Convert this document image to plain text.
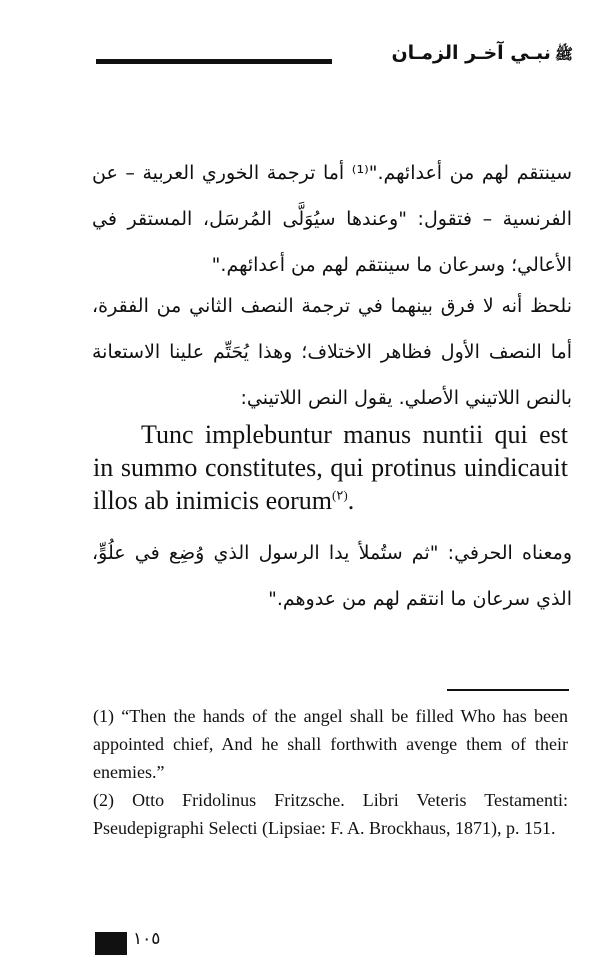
ﷺنبـي آخـر الزمـان
سينتقم لهم من أعدائهم."⁽¹⁾ أما ترجمة الخوري العربية – عن الفرنسية – فتقول: "وعندها سيُوَلَّى المُرسَل، المستقر في الأعالي؛ وسرعان ما سينتقم لهم من أعدائهم."
نلحظ أنه لا فرق بينهما في ترجمة النصف الثاني من الفقرة، أما النصف الأول فظاهر الاختلاف؛ وهذا يُحَتِّم علينا الاستعانة بالنص اللاتيني الأصلي. يقول النص اللاتيني:
Tunc implebuntur manus nuntii qui est in summo constitutes, qui protinus uindicauit illos ab inimicis eorum$^{(٢)}$.
ومعناه الحرفي: "ثم ستُملأ يدا الرسول الذي وُضِع في علُوٍّ، الذي سرعان ما انتقم لهم من عدوهم."

(1) “Then the hands of the angel shall be filled Who has been appointed chief, And he shall forthwith avenge them of their enemies.”

(2) Otto Fridolinus Fritzsche. Libri Veteris Testamenti: Pseudepigraphi Selecti (Lipsiae: F. A. Brockhaus, 1871), p. 151.

١٠٥
